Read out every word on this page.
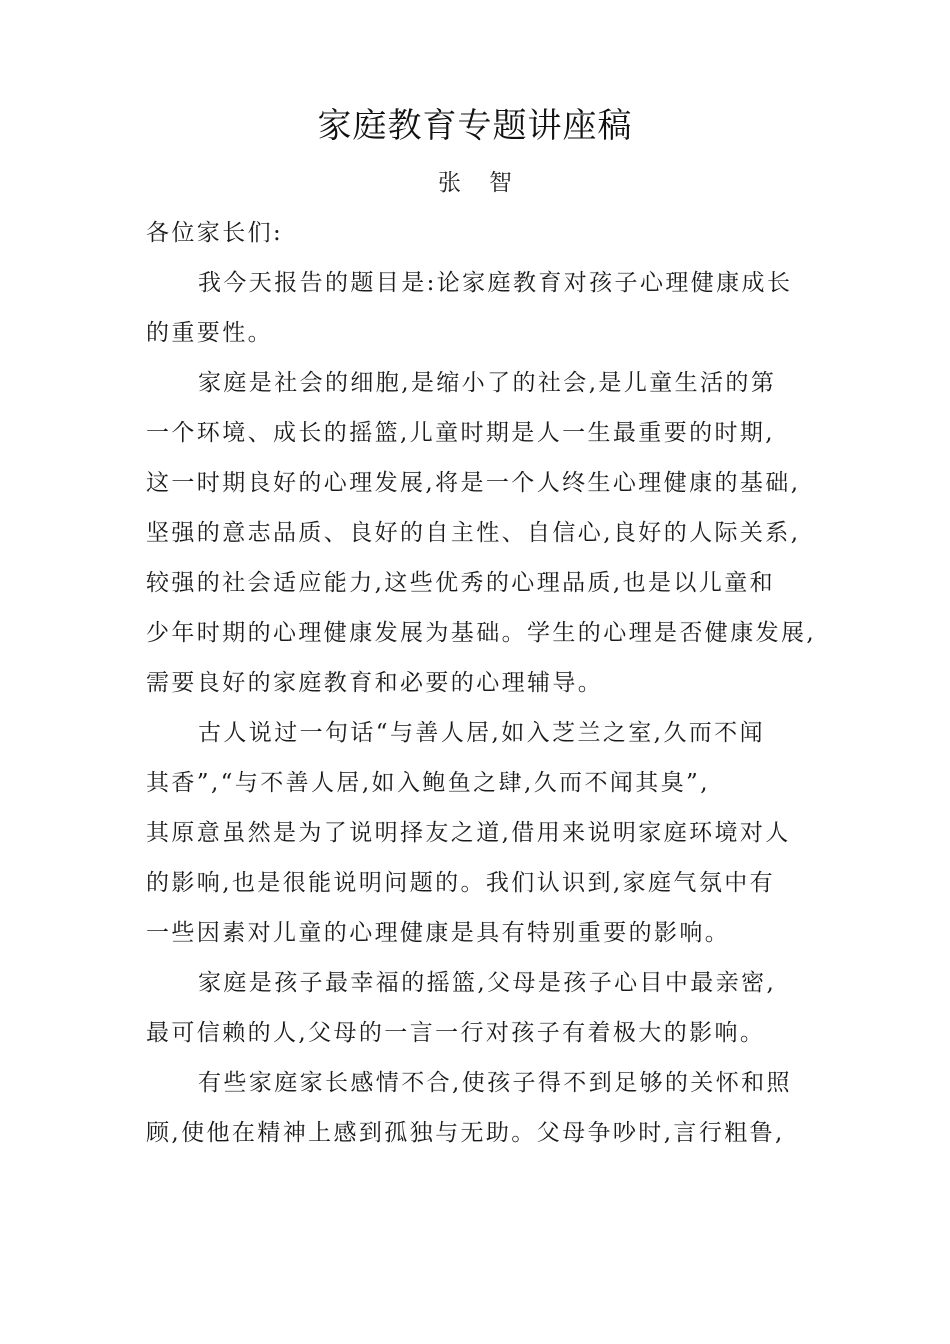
家庭教育专题讲座稿
张智
各位家长们:
我今天报告的题目是:论家庭教育对孩子心理健康成长
的重要性。
家庭是社会的细胞,是缩小了的社会,是儿童生活的第
一个环境、成长的摇篮,儿童时期是人一生最重要的时期,
这一时期良好的心理发展,将是一个人终生心理健康的基础,
坚强的意志品质、良好的自主性、自信心,良好的人际关系,
较强的社会适应能力,这些优秀的心理品质,也是以儿童和
少年时期的心理健康发展为基础。学生的心理是否健康发展,
需要良好的家庭教育和必要的心理辅导。
古人说过一句话“与善人居,如入芝兰之室,久而不闻
其香”,“与不善人居,如入鲍鱼之肆,久而不闻其臭”,
其原意虽然是为了说明择友之道,借用来说明家庭环境对人
的影响,也是很能说明问题的。我们认识到,家庭气氛中有
一些因素对儿童的心理健康是具有特别重要的影响。
家庭是孩子最幸福的摇篮,父母是孩子心目中最亲密,
最可信赖的人,父母的一言一行对孩子有着极大的影响。
有些家庭家长感情不合,使孩子得不到足够的关怀和照
顾,使他在精神上感到孤独与无助。父母争吵时,言行粗鲁,
